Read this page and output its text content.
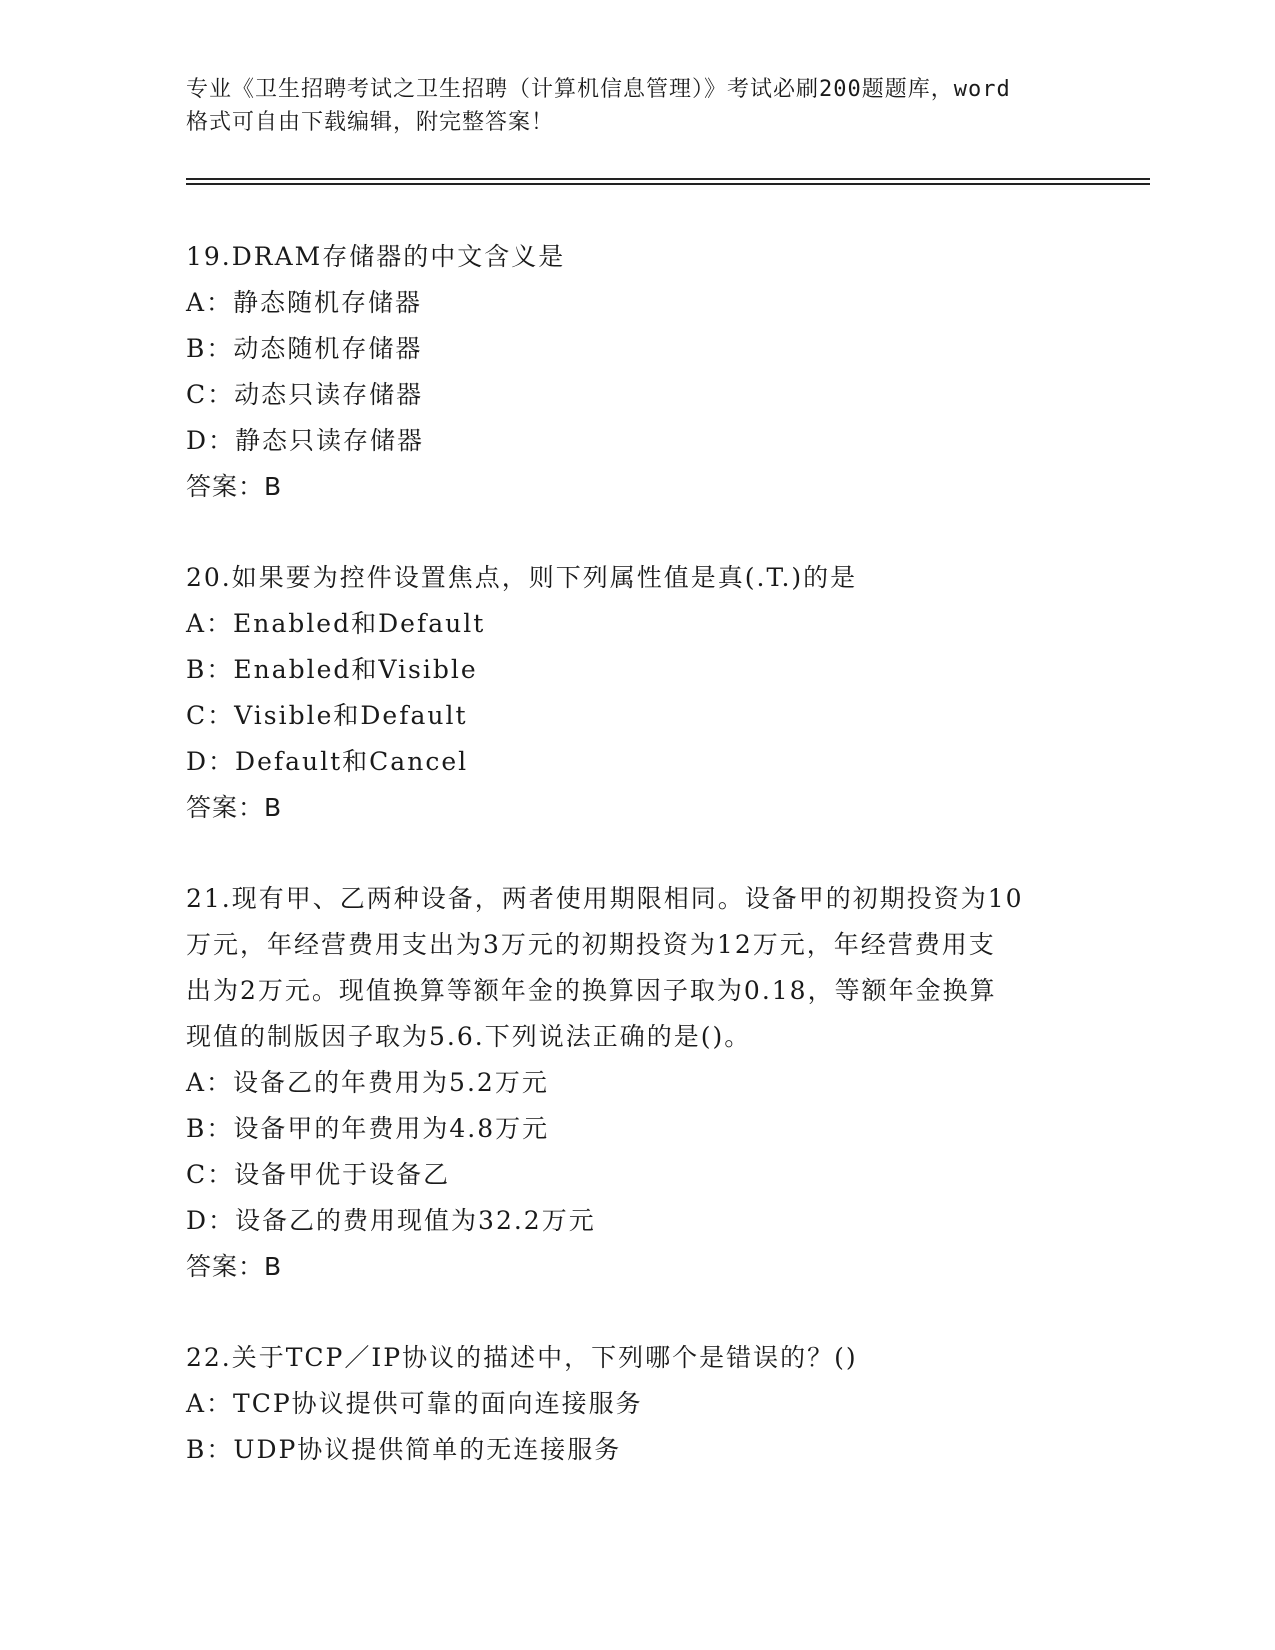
专业《卫生招聘考试之卫生招聘（计算机信息管理）》考试必刷200题题库，word
格式可自由下载编辑，附完整答案！
19.DRAM存储器的中文含义是
A：静态随机存储器
B：动态随机存储器
C：动态只读存储器
D：静态只读存储器
答案：B
20.如果要为控件设置焦点，则下列属性值是真(.T.)的是
A：Enabled和Default
B：Enabled和Visible
C：Visible和Default
D：Default和Cancel
答案：B
21.现有甲、乙两种设备，两者使用期限相同。设备甲的初期投资为10
万元，年经营费用支出为3万元的初期投资为12万元，年经营费用支
出为2万元。现值换算等额年金的换算因子取为0.18，等额年金换算
现值的制版因子取为5.6.下列说法正确的是()。
A：设备乙的年费用为5.2万元
B：设备甲的年费用为4.8万元
C：设备甲优于设备乙
D：设备乙的费用现值为32.2万元
答案：B
22.关于TCP／IP协议的描述中，下列哪个是错误的？()
A：TCP协议提供可靠的面向连接服务
B：UDP协议提供简单的无连接服务
